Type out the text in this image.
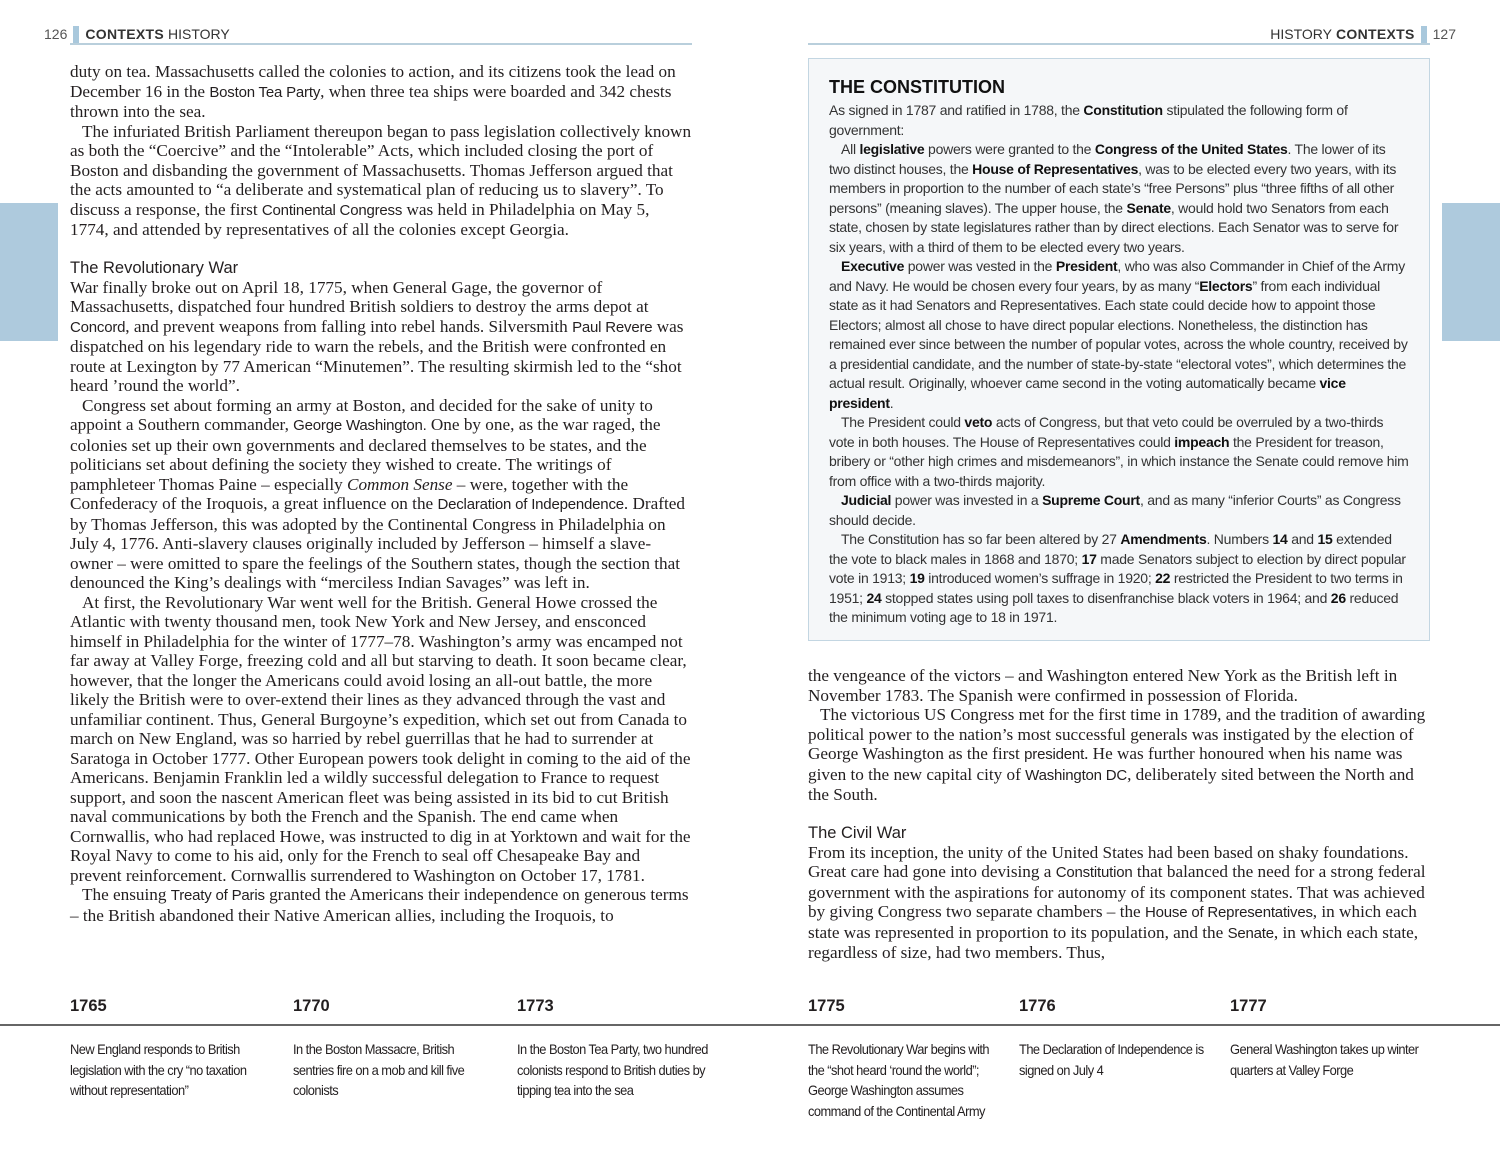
126 CONTEXTS HISTORY	HISTORY CONTEXTS 127

duty on tea. Massachusetts called the colonies to action, and its citizens took the lead on December 16 in the Boston Tea Party, when three tea ships were boarded and 342 chests thrown into the sea.

The infuriated British Parliament thereupon began to pass legislation collectively known as both the “Coercive” and the “Intolerable” Acts, which included closing the port of Boston and disbanding the government of Massachusetts. Thomas Jefferson argued that the acts amounted to “a deliberate and systematical plan of reducing us to slavery”. To discuss a response, the first Continental Congress was held in Philadelphia on May 5, 1774, and attended by representatives of all the colonies except Georgia.

The Revolutionary War

War finally broke out on April 18, 1775, when General Gage, the governor of Massachusetts, dispatched four hundred British soldiers to destroy the arms depot at Concord, and prevent weapons from falling into rebel hands. Silversmith Paul Revere was dispatched on his legendary ride to warn the rebels, and the British were confronted en route at Lexington by 77 American “Minutemen”. The resulting skirmish led to the “shot heard ’round the world”.

Congress set about forming an army at Boston, and decided for the sake of unity to appoint a Southern commander, George Washington. One by one, as the war raged, the colonies set up their own governments and declared themselves to be states, and the politicians set about defining the society they wished to create. The writings of pamphleteer Thomas Paine – especially Common Sense – were, together with the Confederacy of the Iroquois, a great influence on the Declaration of Independence. Drafted by Thomas Jefferson, this was adopted by the Continental Congress in Philadelphia on July 4, 1776. Anti-slavery clauses originally included by Jefferson – himself a slave-owner – were omitted to spare the feelings of the Southern states, though the section that denounced the King’s dealings with “merciless Indian Savages” was left in.

At first, the Revolutionary War went well for the British. General Howe crossed the Atlantic with twenty thousand men, took New York and New Jersey, and ensconced himself in Philadelphia for the winter of 1777–78. Washington’s army was encamped not far away at Valley Forge, freezing cold and all but starving to death. It soon became clear, however, that the longer the Americans could avoid losing an all-out battle, the more likely the British were to over-extend their lines as they advanced through the vast and unfamiliar continent. Thus, General Burgoyne’s expedition, which set out from Canada to march on New England, was so harried by rebel guerrillas that he had to surrender at Saratoga in October 1777. Other European powers took delight in coming to the aid of the Americans. Benjamin Franklin led a wildly successful delegation to France to request support, and soon the nascent American fleet was being assisted in its bid to cut British naval communications by both the French and the Spanish. The end came when Cornwallis, who had replaced Howe, was instructed to dig in at Yorktown and wait for the Royal Navy to come to his aid, only for the French to seal off Chesapeake Bay and prevent reinforcement. Cornwallis surrendered to Washington on October 17, 1781.

The ensuing Treaty of Paris granted the Americans their independence on generous terms – the British abandoned their Native American allies, including the Iroquois, to

THE CONSTITUTION

As signed in 1787 and ratified in 1788, the Constitution stipulated the following form of government:

All legislative powers were granted to the Congress of the United States. The lower of its two distinct houses, the House of Representatives, was to be elected every two years, with its members in proportion to the number of each state’s “free Persons” plus “three fifths of all other persons” (meaning slaves). The upper house, the Senate, would hold two Senators from each state, chosen by state legislatures rather than by direct elections. Each Senator was to serve for six years, with a third of them to be elected every two years.

Executive power was vested in the President, who was also Commander in Chief of the Army and Navy. He would be chosen every four years, by as many “Electors” from each individual state as it had Senators and Representatives. Each state could decide how to appoint those Electors; almost all chose to have direct popular elections. Nonetheless, the distinction has remained ever since between the number of popular votes, across the whole country, received by a presidential candidate, and the number of state-by-state “electoral votes”, which determines the actual result. Originally, whoever came second in the voting automatically became vice president.

The President could veto acts of Congress, but that veto could be overruled by a two-thirds vote in both houses. The House of Representatives could impeach the President for treason, bribery or “other high crimes and misdemeanors”, in which instance the Senate could remove him from office with a two-thirds majority.

Judicial power was invested in a Supreme Court, and as many “inferior Courts” as Congress should decide.

The Constitution has so far been altered by 27 Amendments. Numbers 14 and 15 extended the vote to black males in 1868 and 1870; 17 made Senators subject to election by direct popular vote in 1913; 19 introduced women’s suffrage in 1920; 22 restricted the President to two terms in 1951; 24 stopped states using poll taxes to disenfranchise black voters in 1964; and 26 reduced the minimum voting age to 18 in 1971.

the vengeance of the victors – and Washington entered New York as the British left in November 1783. The Spanish were confirmed in possession of Florida.

The victorious US Congress met for the first time in 1789, and the tradition of awarding political power to the nation’s most successful generals was instigated by the election of George Washington as the first president. He was further honoured when his name was given to the new capital city of Washington DC, deliberately sited between the North and the South.

The Civil War

From its inception, the unity of the United States had been based on shaky foundations. Great care had gone into devising a Constitution that balanced the need for a strong federal government with the aspirations for autonomy of its component states. That was achieved by giving Congress two separate chambers – the House of Representatives, in which each state was represented in proportion to its population, and the Senate, in which each state, regardless of size, had two members. Thus,

1765
New England responds to British legislation with the cry “no taxation without representation”
1770
In the Boston Massacre, British sentries fire on a mob and kill five colonists
1773
In the Boston Tea Party, two hundred colonists respond to British duties by tipping tea into the sea
1775
The Revolutionary War begins with the “shot heard ‘round the world”; George Washington assumes command of the Continental Army
1776
The Declaration of Independence is signed on July 4
1777
General Washington takes up winter quarters at Valley Forge
